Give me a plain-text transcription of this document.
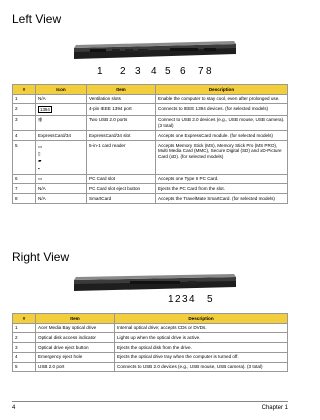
Left View
1 2 3 4 5 6 7 8
#	Icon	Item	Description
1	N/A	Ventilation slots	Enable the computer to stay cool, even after prolonged use.
2	1394	4-pin IEEE 1394 port	Connects to IEEE 1394 devices. (for selected models)
3	⇶	Two USB 2.0 ports	Connect to USB 2.0 devices (e.g., USB mouse, USB camera). (3 total)
4	ExpressCard/34	ExpressCard/34 slot	Accepts one ExpressCard module. (for selected models)
5	▭
▯
▰
▪	5-in-1 card reader	Accepts Memory Stick (MS), Memory Stick Pro (MS PRO), Multi Media Card (MMC), Secure Digital (SD) and xD-Picture Card (xD). (for selected models)
6	▭	PC Card slot	Accepts one Type II PC Card.
7	N/A	PC Card slot eject button	Ejects the PC Card from the slot.
8	N/A	SmartCard	Accepts the TravelMate SmartCard. (for selected models)
Right View
1 2 3 4 5
#	Item	Description
1	Acer Media Bay optical drive	Internal optical drive; accepts CDs or DVDs.
2	Optical disk access indicator	Lights up when the optical drive is active.
3	Optical drive eject button	Ejects the optical disk from the drive.
4	Emergency eject hole	Ejects the optical drive tray when the computer is turned off.
5	USB 2.0 port	Connects to USB 2.0 devices (e.g., USB mouse, USB camera). (3 total)
4	Chapter 1
